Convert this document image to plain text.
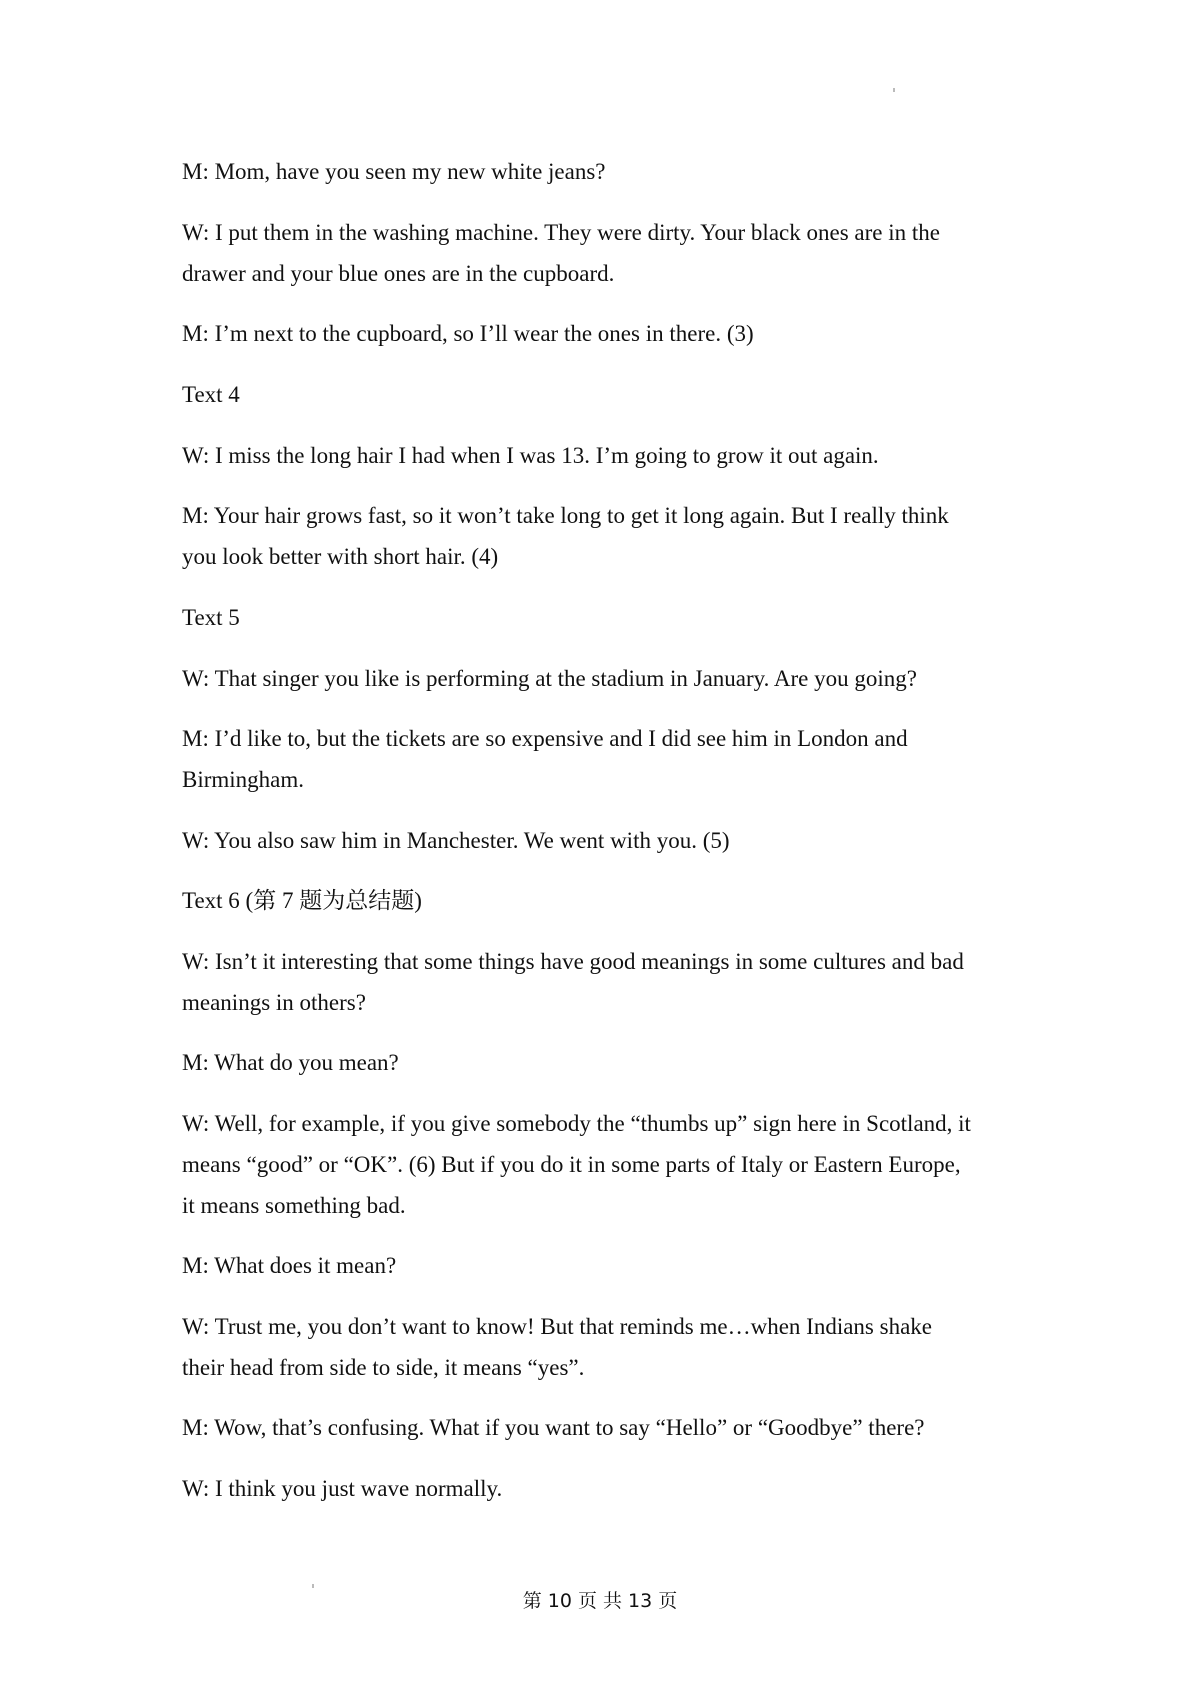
M: Mom, have you seen my new white jeans?
W: I put them in the washing machine. They were dirty. Your black ones are in the
drawer and your blue ones are in the cupboard.
M: I’m next to the cupboard, so I’ll wear the ones in there. (3)
Text 4
W: I miss the long hair I had when I was 13. I’m going to grow it out again.
M: Your hair grows fast, so it won’t take long to get it long again. But I really think
you look better with short hair. (4)
Text 5
W: That singer you like is performing at the stadium in January. Are you going?
M: I’d like to, but the tickets are so expensive and I did see him in London and
Birmingham.
W: You also saw him in Manchester. We went with you. (5)
Text 6 (第 7 题为总结题)
W: Isn’t it interesting that some things have good meanings in some cultures and bad
meanings in others?
M: What do you mean?
W: Well, for example, if you give somebody the “thumbs up” sign here in Scotland, it
means “good” or “OK”. (6) But if you do it in some parts of Italy or Eastern Europe,
it means something bad.
M: What does it mean?
W: Trust me, you don’t want to know! But that reminds me…when Indians shake
their head from side to side, it means “yes”.
M: Wow, that’s confusing. What if you want to say “Hello” or “Goodbye” there?
W: I think you just wave normally.
第 10 页 共 13 页
